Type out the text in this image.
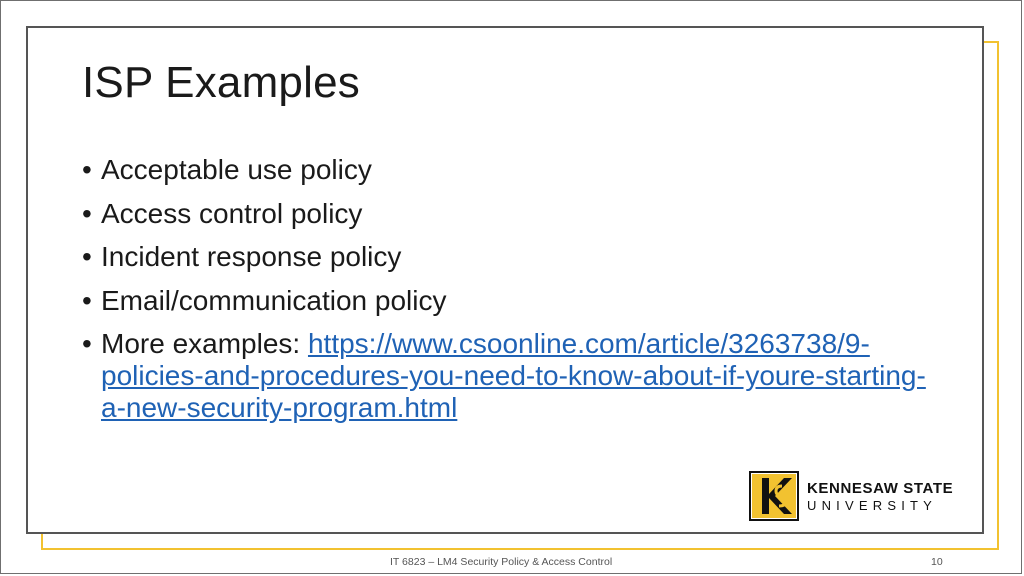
ISP Examples
• Acceptable use policy
• Access control policy
• Incident response policy
• Email/communication policy
• More examples: https://www.csoonline.com/article/3263738/9-policies-and-procedures-you-need-to-know-about-if-youre-starting-a-new-security-program.html
KENNESAW STATE
UNIVERSITY
IT 6823 – LM4 Security Policy & Access Control	10
